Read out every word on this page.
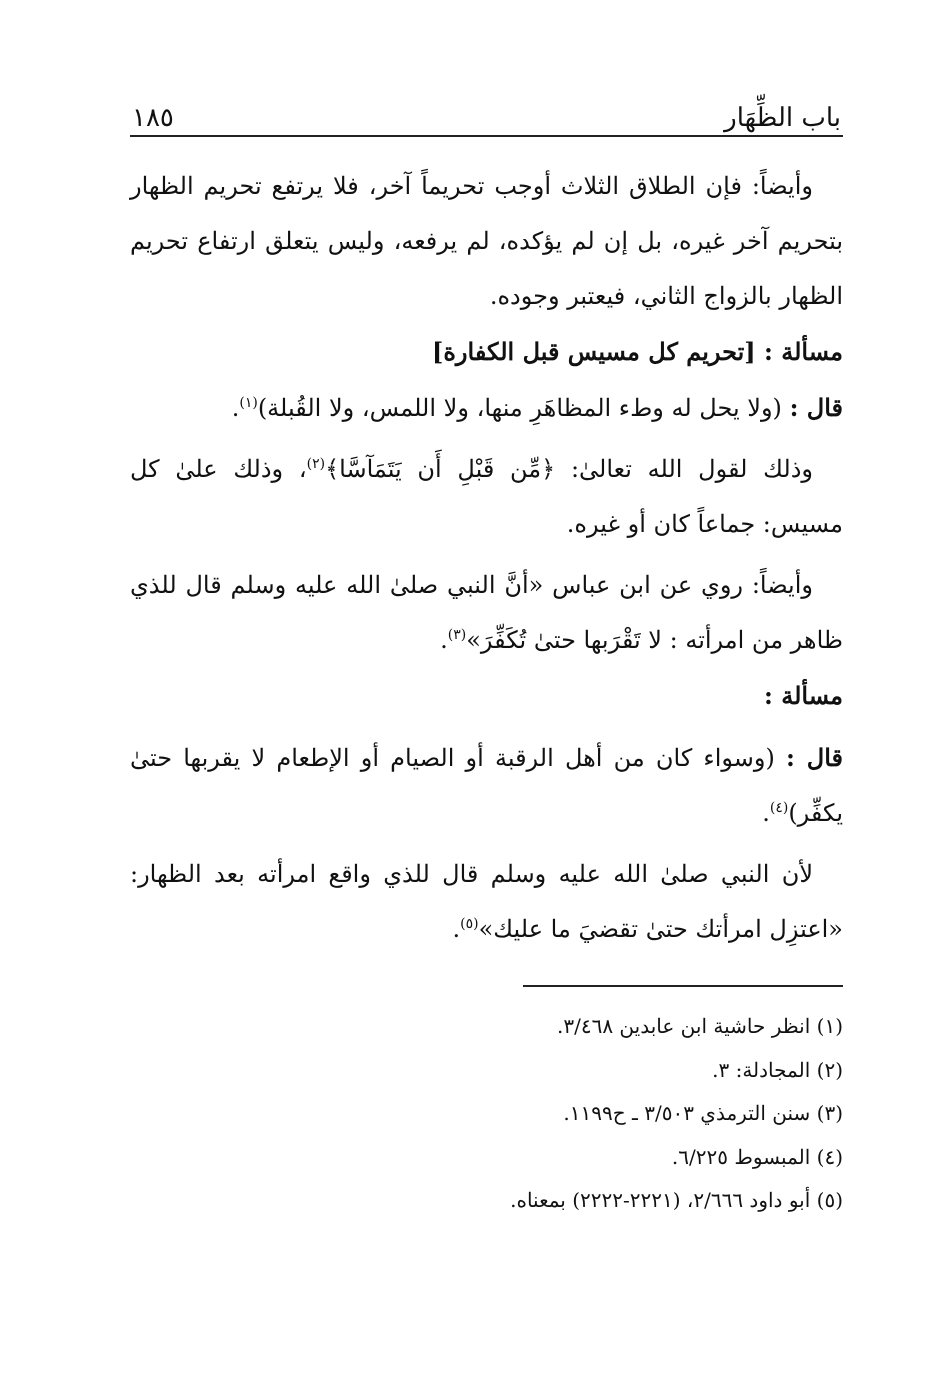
باب الظِّهَار
١٨٥

وأيضاً: فإن الطلاق الثلاث أوجب تحريماً آخر، فلا يرتفع تحريم الظهار بتحريم آخر غيره، بل إن لم يؤكده، لم يرفعه، وليس يتعلق ارتفاع تحريم الظهار بالزواج الثاني، فيعتبر وجوده.

مسألة : [تحريم كل مسيس قبل الكفارة]

قال : (ولا يحل له وطء المظاهَرِ منها، ولا اللمس، ولا القُبلة)$^{(١)}$.

وذلك لقول الله تعالىٰ: ﴿مِّن قَبْلِ أَن يَتَمَآسَّا﴾$^{(٢)}$، وذلك علىٰ كل مسيس: جماعاً كان أو غيره.

وأيضاً: روي عن ابن عباس «أنَّ النبي صلىٰ الله عليه وسلم قال للذي ظاهر من امرأته : لا تَقْرَبها حتىٰ تُكَفِّرَ»$^{(٣)}$.

مسألة :

قال : (وسواء كان من أهل الرقبة أو الصيام أو الإطعام لا يقربها حتىٰ يكفِّر)$^{(٤)}$.

لأن النبي صلىٰ الله عليه وسلم قال للذي واقع امرأته بعد الظهار: «اعتزِل امرأتك حتىٰ تقضيَ ما عليك»$^{(٥)}$.

(١) انظر حاشية ابن عابدين ٣/٤٦٨.

(٢) المجادلة: ٣.

(٣) سنن الترمذي ٣/٥٠٣ ـ ح١١٩٩.

(٤) المبسوط ٦/٢٢٥.

(٥) أبو داود ٢/٦٦٦، (٢٢٢١-٢٢٢٢) بمعناه.
